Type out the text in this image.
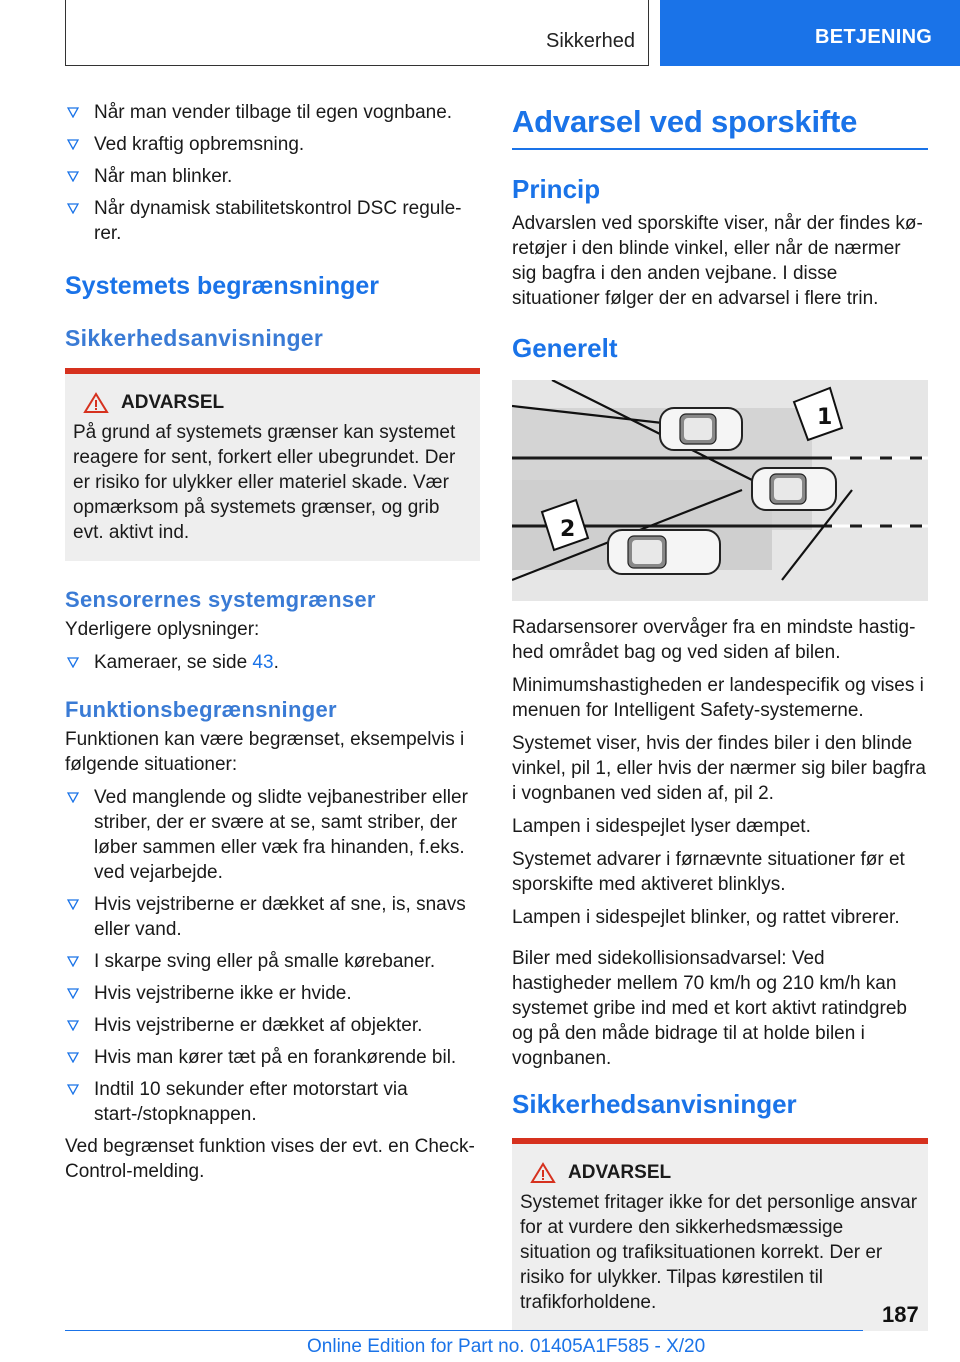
Sikkerhed	BETJENING
Når man vender tilbage til egen vognbane.
Ved kraftig opbremsning.
Når man blinker.
Når dynamisk stabilitetskontrol DSC regule-rer.
Systemets begrænsninger
Sikkerhedsanvisninger
ADVARSEL

På grund af systemets grænser kan systemet reagere for sent, forkert eller ubegrundet. Der er risiko for ulykker eller materiel skade. Vær opmærksom på systemets grænser, og grib evt. aktivt ind.

Sensorernes systemgrænser

Yderligere oplysninger:

Kameraer, se side 43.
Funktionsbegrænsninger

Funktionen kan være begrænset, eksempelvis i følgende situationer:

Ved manglende og slidte vejbanestriber eller striber, der er svære at se, samt striber, der løber sammen eller væk fra hinanden, f.eks. ved vejarbejde.
Hvis vejstriberne er dækket af sne, is, snavs eller vand.
I skarpe sving eller på smalle kørebaner.
Hvis vejstriberne ikke er hvide.
Hvis vejstriberne er dækket af objekter.
Hvis man kører tæt på en forankørende bil.
Indtil 10 sekunder efter motorstart via start-/stopknappen.

Ved begrænset funktion vises der evt. en Check-Control-melding.

Advarsel ved sporskifte
Princip

Advarslen ved sporskifte viser, når der findes kø-retøjer i den blinde vinkel, eller når de nærmer sig bagfra i den anden vejbane. I disse situationer følger der en advarsel i flere trin.

Generelt
1
2

Radarsensorer overvåger fra en mindste hastig-hed området bag og ved siden af bilen.

Minimumshastigheden er landespecifik og vises i menuen for Intelligent Safety-systemerne.

Systemet viser, hvis der findes biler i den blinde vinkel, pil 1, eller hvis der nærmer sig biler bagfra i vognbanen ved siden af, pil 2.

Lampen i sidespejlet lyser dæmpet.

Systemet advarer i førnævnte situationer før et sporskifte med aktiveret blinklys.

Lampen i sidespejlet blinker, og rattet vibrerer.

Biler med sidekollisionsadvarsel: Ved hastigheder mellem 70 km/h og 210 km/h kan systemet gribe ind med et kort aktivt ratindgreb og på den måde bidrage til at holde bilen i vognbanen.

Sikkerhedsanvisninger
ADVARSEL

Systemet fritager ikke for det personlige ansvar for at vurdere den sikkerhedsmæssige situation og trafiksituationen korrekt. Der er risiko for ulykker. Tilpas kørestilen til trafikforholdene.	187
Online Edition for Part no. 01405A1F585 - X/20
